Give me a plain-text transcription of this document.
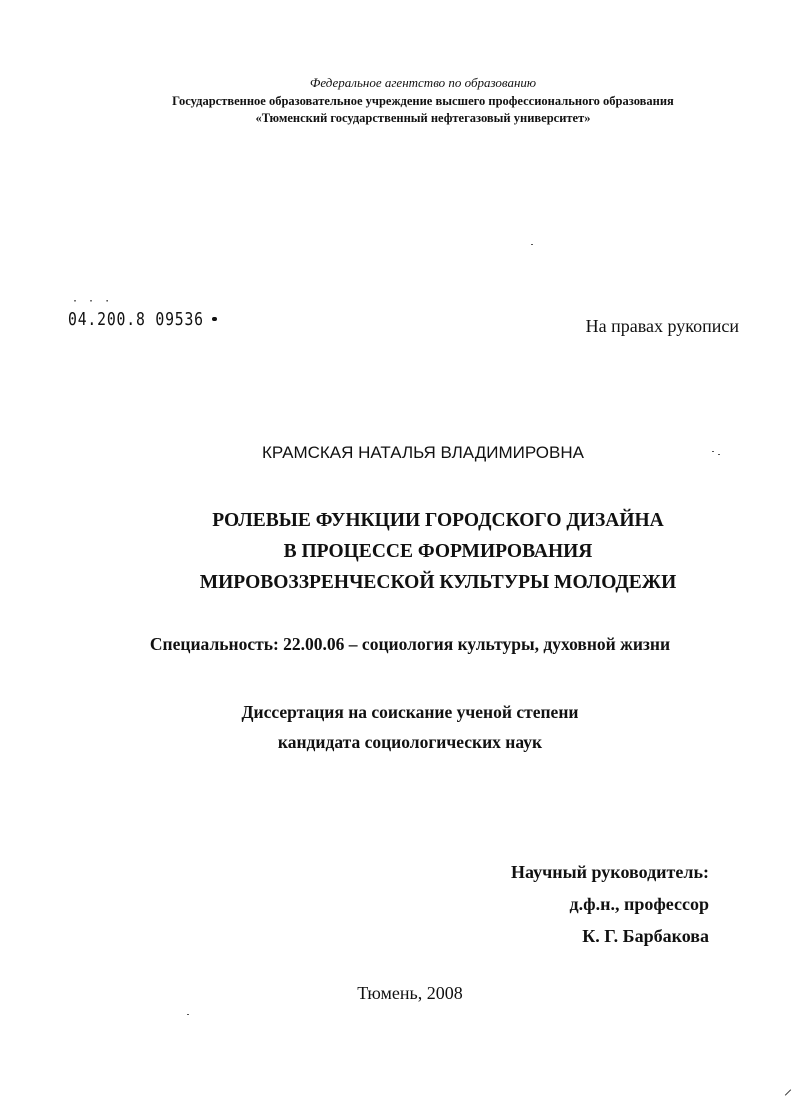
Федеральное агентство по образованию
Государственное образовательное учреждение высшего профессионального образования
«Тюменский государственный нефтегазовый университет»
· · ·
04.200.8 09536	На правах рукописи
КРАМСКАЯ НАТАЛЬЯ ВЛАДИМИРОВНА
РОЛЕВЫЕ ФУНКЦИИ ГОРОДСКОГО ДИЗАЙНА
В ПРОЦЕССЕ ФОРМИРОВАНИЯ
МИРОВОЗЗРЕНЧЕСКОЙ КУЛЬТУРЫ МОЛОДЕЖИ
Специальность: 22.00.06 – социология культуры, духовной жизни
Диссертация на соискание ученой степени
кандидата социологических наук
Научный руководитель:
д.ф.н., профессор
К. Г. Барбакова
Тюмень, 2008
